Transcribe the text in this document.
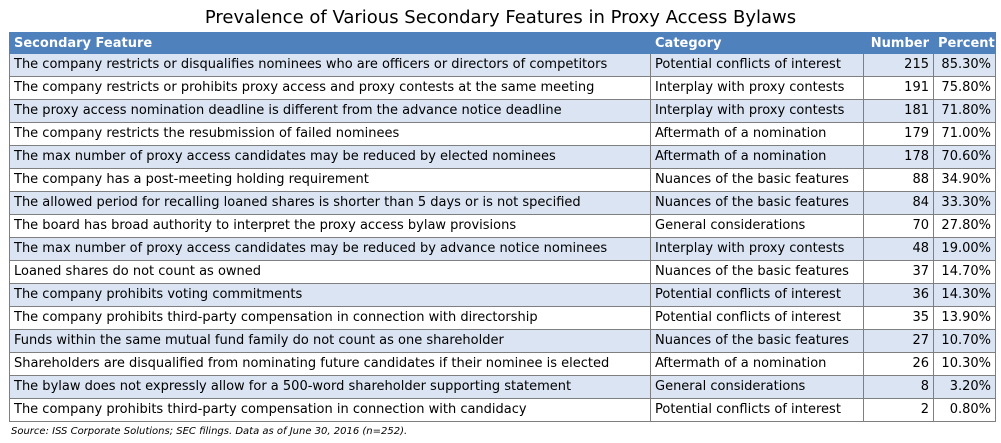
Prevalence of Various Secondary Features in Proxy Access Bylaws
Secondary Feature	Category	Number	Percent
The company restricts or disqualifies nominees who are officers or directors of competitors	Potential conflicts of interest	215	85.30%
The company restricts or prohibits proxy access and proxy contests at the same meeting	Interplay with proxy contests	191	75.80%
The proxy access nomination deadline is different from the advance notice deadline	Interplay with proxy contests	181	71.80%
The company restricts the resubmission of failed nominees	Aftermath of a nomination	179	71.00%
The max number of proxy access candidates may be reduced by elected nominees	Aftermath of a nomination	178	70.60%
The company has a post-meeting holding requirement	Nuances of the basic features	88	34.90%
The allowed period for recalling loaned shares is shorter than 5 days or is not specified	Nuances of the basic features	84	33.30%
The board has broad authority to interpret the proxy access bylaw provisions	General considerations	70	27.80%
The max number of proxy access candidates may be reduced by advance notice nominees	Interplay with proxy contests	48	19.00%
Loaned shares do not count as owned	Nuances of the basic features	37	14.70%
The company prohibits voting commitments	Potential conflicts of interest	36	14.30%
The company prohibits third-party compensation in connection with directorship	Potential conflicts of interest	35	13.90%
Funds within the same mutual fund family do not count as one shareholder	Nuances of the basic features	27	10.70%
Shareholders are disqualified from nominating future candidates if their nominee is elected	Aftermath of a nomination	26	10.30%
The bylaw does not expressly allow for a 500-word shareholder supporting statement	General considerations	8	3.20%
The company prohibits third-party compensation in connection with candidacy	Potential conflicts of interest	2	0.80%
Source: ISS Corporate Solutions; SEC filings. Data as of June 30, 2016 (n=252).
